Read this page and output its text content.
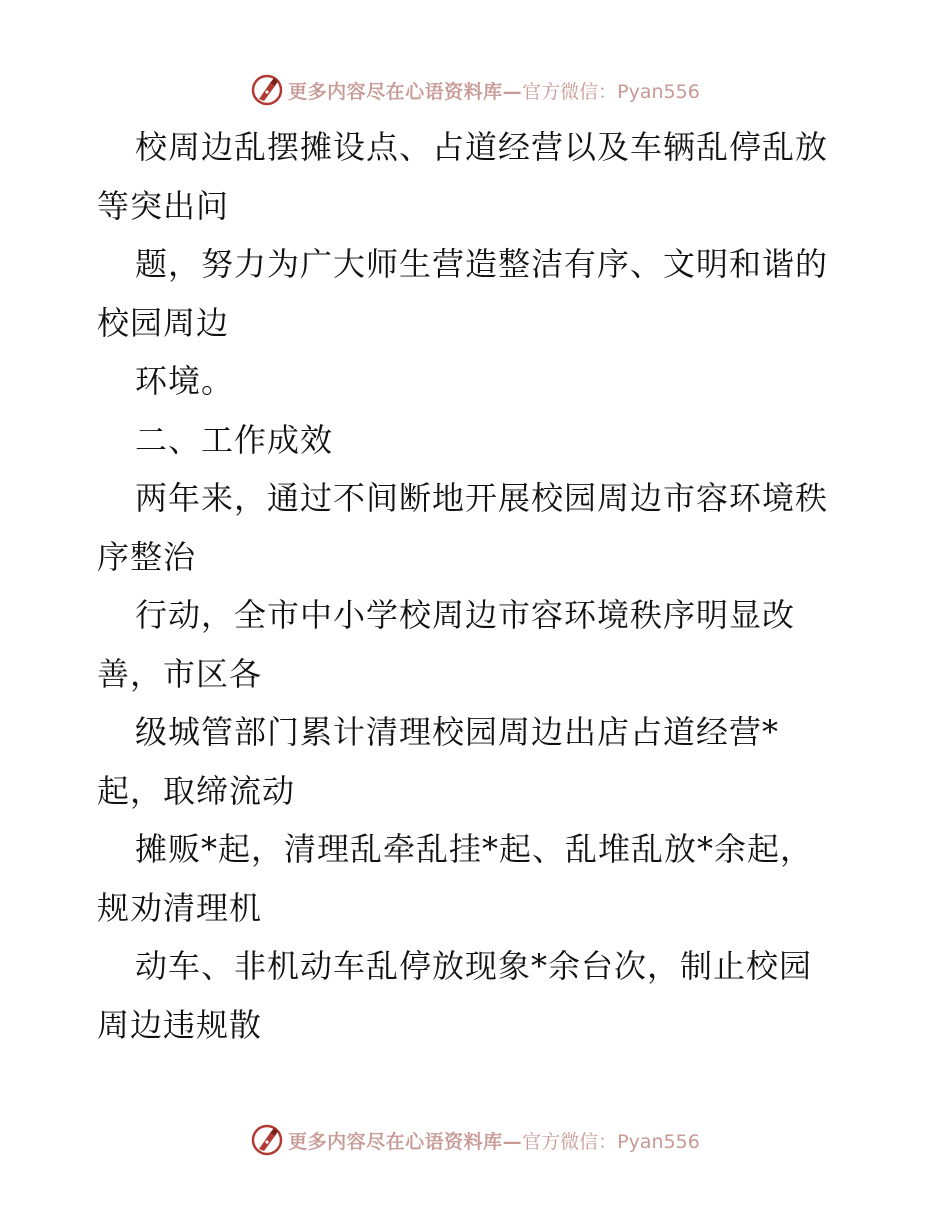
更多内容尽在心语资料库— 官方微信：Pyan556
校周边乱摆摊设点、占道经营以及车辆乱停乱放
等突出问
题，努力为广大师生营造整洁有序、文明和谐的
校园周边
环境。
二、工作成效
两年来，通过不间断地开展校园周边市容环境秩
序整治
行动，全市中小学校周边市容环境秩序明显改
善，市区各
级城管部门累计清理校园周边出店占道经营*
起，取缔流动
摊贩*起，清理乱牵乱挂*起、乱堆乱放*余起，
规劝清理机
动车、非机动车乱停放现象*余台次，制止校园
周边违规散
更多内容尽在心语资料库— 官方微信：Pyan556
